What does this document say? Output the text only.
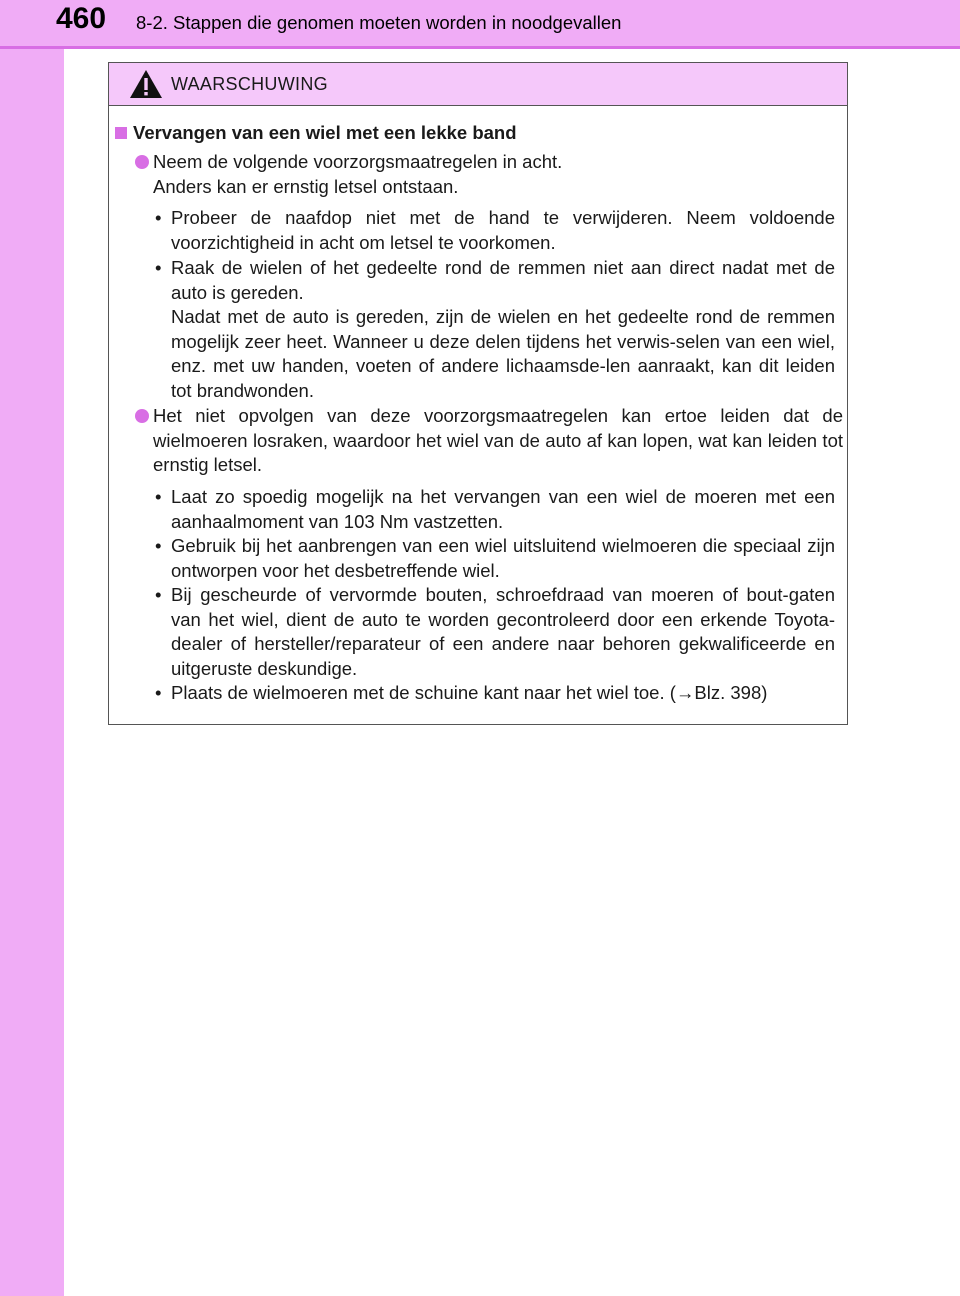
460 8-2. Stappen die genomen moeten worden in noodgevallen
WAARSCHUWING
Vervangen van een wiel met een lekke band
Neem de volgende voorzorgsmaatregelen in acht.
Anders kan er ernstig letsel ontstaan.
• Probeer de naafdop niet met de hand te verwijderen. Neem voldoende voorzichtigheid in acht om letsel te voorkomen.
• Raak de wielen of het gedeelte rond de remmen niet aan direct nadat met de auto is gereden.
Nadat met de auto is gereden, zijn de wielen en het gedeelte rond de remmen mogelijk zeer heet. Wanneer u deze delen tijdens het verwis-selen van een wiel, enz. met uw handen, voeten of andere lichaamsde-len aanraakt, kan dit leiden tot brandwonden.
Het niet opvolgen van deze voorzorgsmaatregelen kan ertoe leiden dat de wielmoeren losraken, waardoor het wiel van de auto af kan lopen, wat kan leiden tot ernstig letsel.
• Laat zo spoedig mogelijk na het vervangen van een wiel de moeren met een aanhaalmoment van 103 Nm vastzetten.
• Gebruik bij het aanbrengen van een wiel uitsluitend wielmoeren die speciaal zijn ontworpen voor het desbetreffende wiel.
• Bij gescheurde of vervormde bouten, schroefdraad van moeren of bout-gaten van het wiel, dient de auto te worden gecontroleerd door een erkende Toyota-dealer of hersteller/reparateur of een andere naar behoren gekwalificeerde en uitgeruste deskundige.
• Plaats de wielmoeren met de schuine kant naar het wiel toe. (→Blz. 398)
